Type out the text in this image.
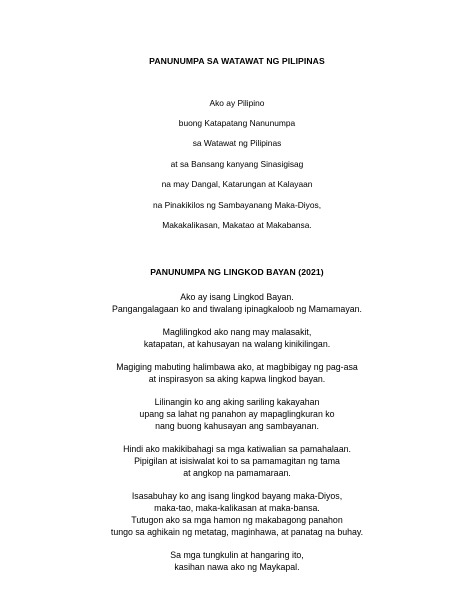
PANUNUMPA SA WATAWAT NG PILIPINAS
Ako ay Pilipino
buong Katapatang Nanunumpa
sa Watawat ng Pilipinas
at sa Bansang kanyang Sinasigisag
na may Dangal, Katarungan at Kalayaan
na Pinakikilos ng Sambayanang Maka-Diyos,
Makakalikasan, Makatao at Makabansa.
PANUNUMPA NG LINGKOD BAYAN (2021)
Ako ay isang Lingkod Bayan.
Pangangalagaan ko and tiwalang ipinagkaloob ng Mamamayan.
Maglilingkod ako nang may malasakit,
katapatan, at kahusayan na walang kinikilingan.
Magiging mabuting halimbawa ako, at magbibigay ng pag-asa
at inspirasyon sa aking kapwa lingkod bayan.
Lilinangin ko ang aking sariling kakayahan
upang sa lahat ng panahon ay mapaglingkuran ko
nang buong kahusayan ang sambayanan.
Hindi ako makikibahagi sa mga katiwalian sa pamahalaan.
Pipigilan at isisiwalat koi to sa pamamagitan ng tama
at angkop na pamamaraan.
Isasabuhay ko ang isang lingkod bayang maka-Diyos,
maka-tao, maka-kalikasan at maka-bansa.
Tutugon ako sa mga hamon ng makabagong panahon
tungo sa aghikain ng metatag, maginhawa, at panatag na buhay.
Sa mga tungkulin at hangaring ito,
kasihan nawa ako ng Maykapal.
